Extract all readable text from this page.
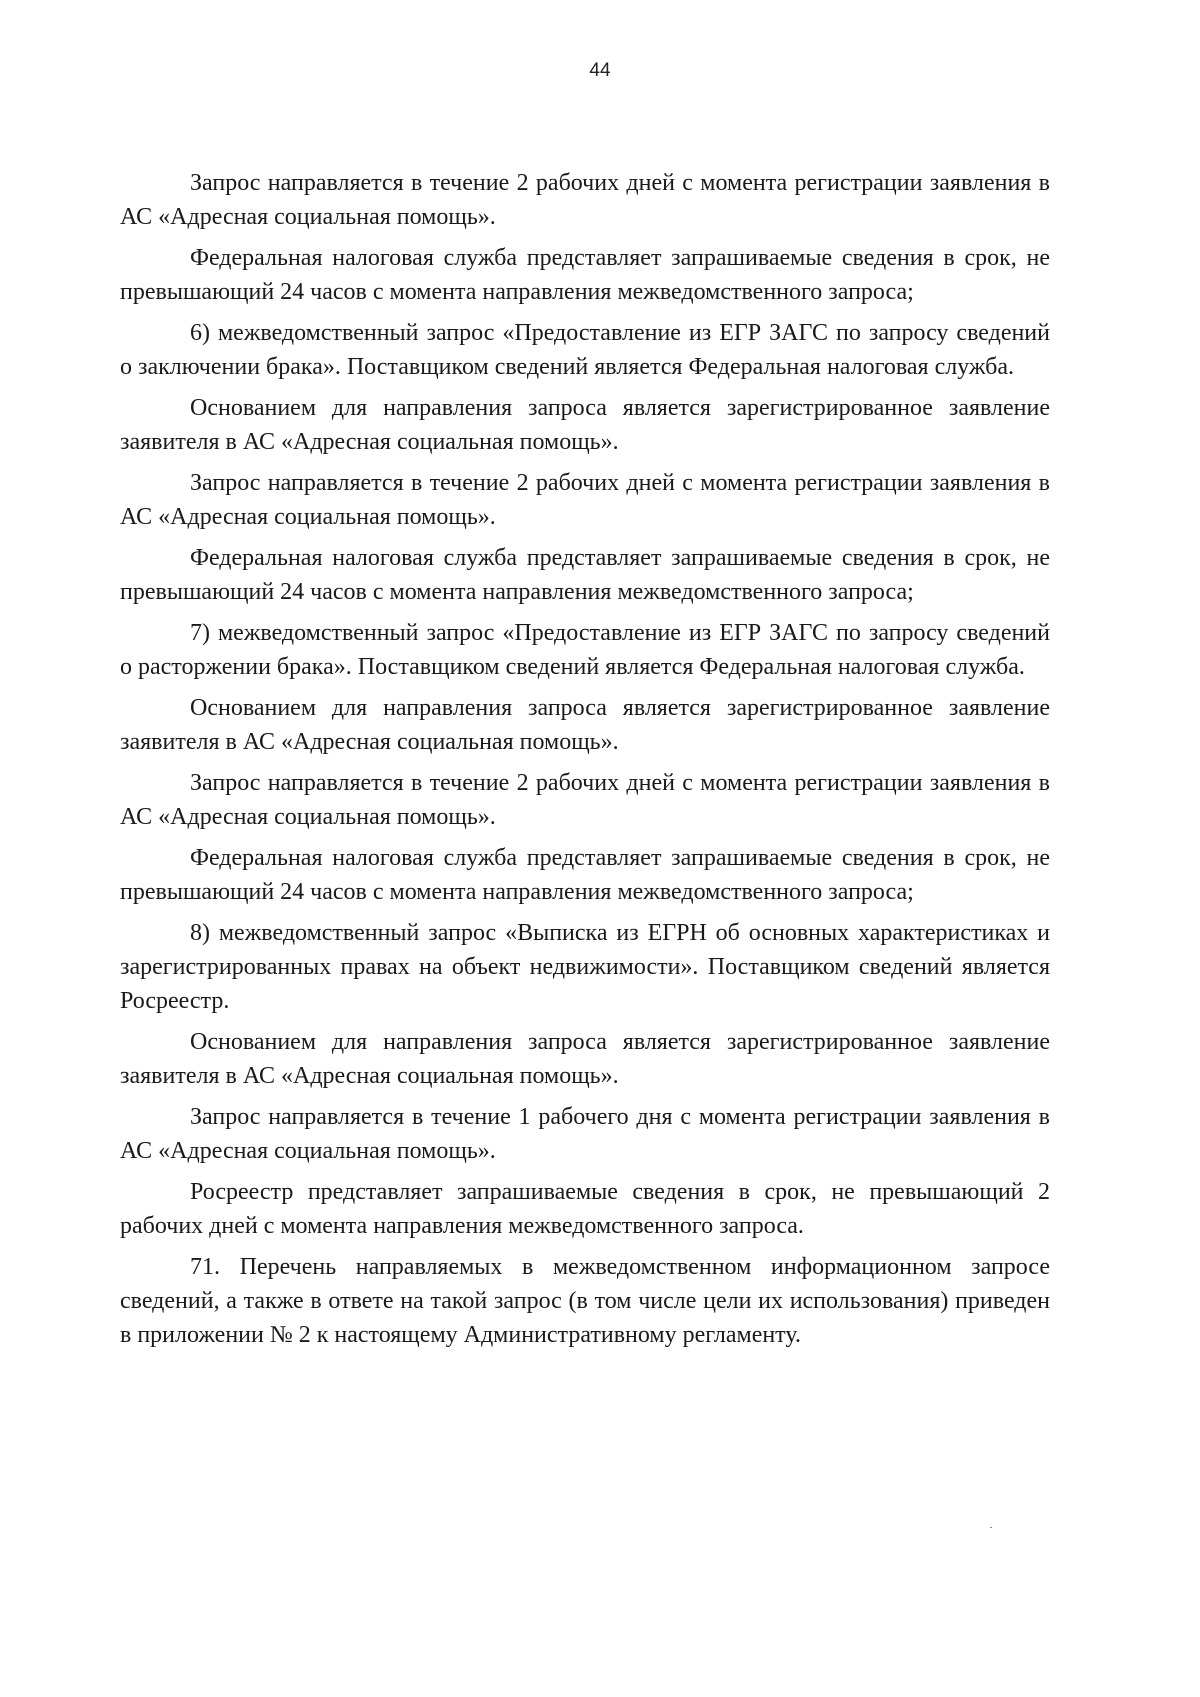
44

Запрос направляется в течение 2 рабочих дней с момента регистрации заявления в АС «Адресная социальная помощь».

Федеральная налоговая служба представляет запрашиваемые сведения в срок, не превышающий 24 часов с момента направления межведомственного запроса;

6) межведомственный запрос «Предоставление из ЕГР ЗАГС по запросу сведений о заключении брака». Поставщиком сведений является Федеральная налоговая служба.

Основанием для направления запроса является зарегистрированное заявление заявителя в АС «Адресная социальная помощь».

Запрос направляется в течение 2 рабочих дней с момента регистрации заявления в АС «Адресная социальная помощь».

Федеральная налоговая служба представляет запрашиваемые сведения в срок, не превышающий 24 часов с момента направления межведомственного запроса;

7) межведомственный запрос «Предоставление из ЕГР ЗАГС по запросу сведений о расторжении брака». Поставщиком сведений является Федеральная налоговая служба.

Основанием для направления запроса является зарегистрированное заявление заявителя в АС «Адресная социальная помощь».

Запрос направляется в течение 2 рабочих дней с момента регистрации заявления в АС «Адресная социальная помощь».

Федеральная налоговая служба представляет запрашиваемые сведения в срок, не превышающий 24 часов с момента направления межведомственного запроса;

8) межведомственный запрос «Выписка из ЕГРН об основных характеристиках и зарегистрированных правах на объект недвижимости». Поставщиком сведений является Росреестр.

Основанием для направления запроса является зарегистрированное заявление заявителя в АС «Адресная социальная помощь».

Запрос направляется в течение 1 рабочего дня с момента регистрации заявления в АС «Адресная социальная помощь».

Росреестр представляет запрашиваемые сведения в срок, не превышающий 2 рабочих дней с момента направления межведомственного запроса.

71. Перечень направляемых в межведомственном информационном запросе сведений, а также в ответе на такой запрос (в том числе цели их использования) приведен в приложении № 2 к настоящему Административному регламенту.
